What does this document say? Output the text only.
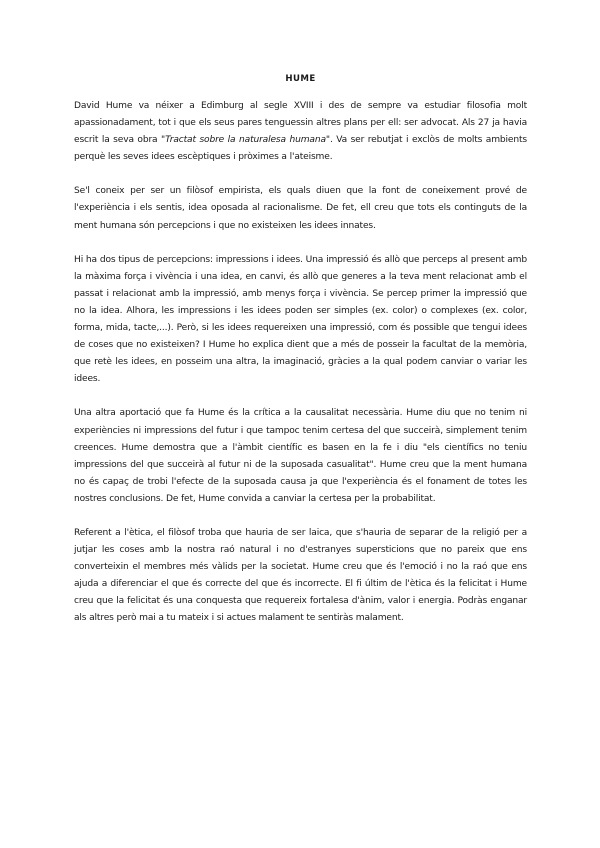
HUME

David Hume va néixer a Edimburg al segle XVIII i des de sempre va estudiar filosofia molt apassionadament, tot i que els seus pares tenguessin altres plans per ell: ser advocat. Als 27 ja havia escrit la seva obra "Tractat sobre la naturalesa humana". Va ser rebutjat i exclòs de molts ambients perquè les seves idees escèptiques i pròximes a l'ateisme.

Se'l coneix per ser un filòsof empirista, els quals diuen que la font de coneixement prové de l'experiència i els sentis, idea oposada al racionalisme. De fet, ell creu que tots els continguts de la ment humana són percepcions i que no existeixen les idees innates.

Hi ha dos tipus de percepcions: impressions i idees. Una impressió és allò que perceps al present amb la màxima força i vivència i una idea, en canvi, és allò que generes a la teva ment relacionat amb el passat i relacionat amb la impressió, amb menys força i vivència. Se percep primer la impressió que no la idea. Alhora, les impressions i les idees poden ser simples (ex. color) o complexes (ex. color, forma, mida, tacte,...). Però, si les idees requereixen una impressió, com és possible que tengui idees de coses que no existeixen? I Hume ho explica dient que a més de posseir la facultat de la memòria, que retè les idees, en posseim una altra, la imaginació, gràcies a la qual podem canviar o variar les idees.

Una altra aportació que fa Hume és la crítica a la causalitat necessària. Hume diu que no tenim ni experiències ni impressions del futur i que tampoc tenim certesa del que succeirà, simplement tenim creences. Hume demostra que a l'àmbit científic es basen en la fe i diu "els científics no teniu impressions del que succeirà al futur ni de la suposada casualitat". Hume creu que la ment humana no és capaç de trobi l'efecte de la suposada causa ja que l'experiència és el fonament de totes les nostres conclusions. De fet, Hume convida a canviar la certesa per la probabilitat.

Referent a l'ètica, el filòsof troba que hauria de ser laica, que s'hauria de separar de la religió per a jutjar les coses amb la nostra raó natural i no d'estranyes supersticions que no pareix que ens converteixin el membres més vàlids per la societat. Hume creu que és l'emoció i no la raó que ens ajuda a diferenciar el que és correcte del que és incorrecte. El fi últim de l'ètica és la felicitat i Hume creu que la felicitat és una conquesta que requereix fortalesa d'ànim, valor i energia. Podràs enganar als altres però mai a tu mateix i si actues malament te sentiràs malament.
